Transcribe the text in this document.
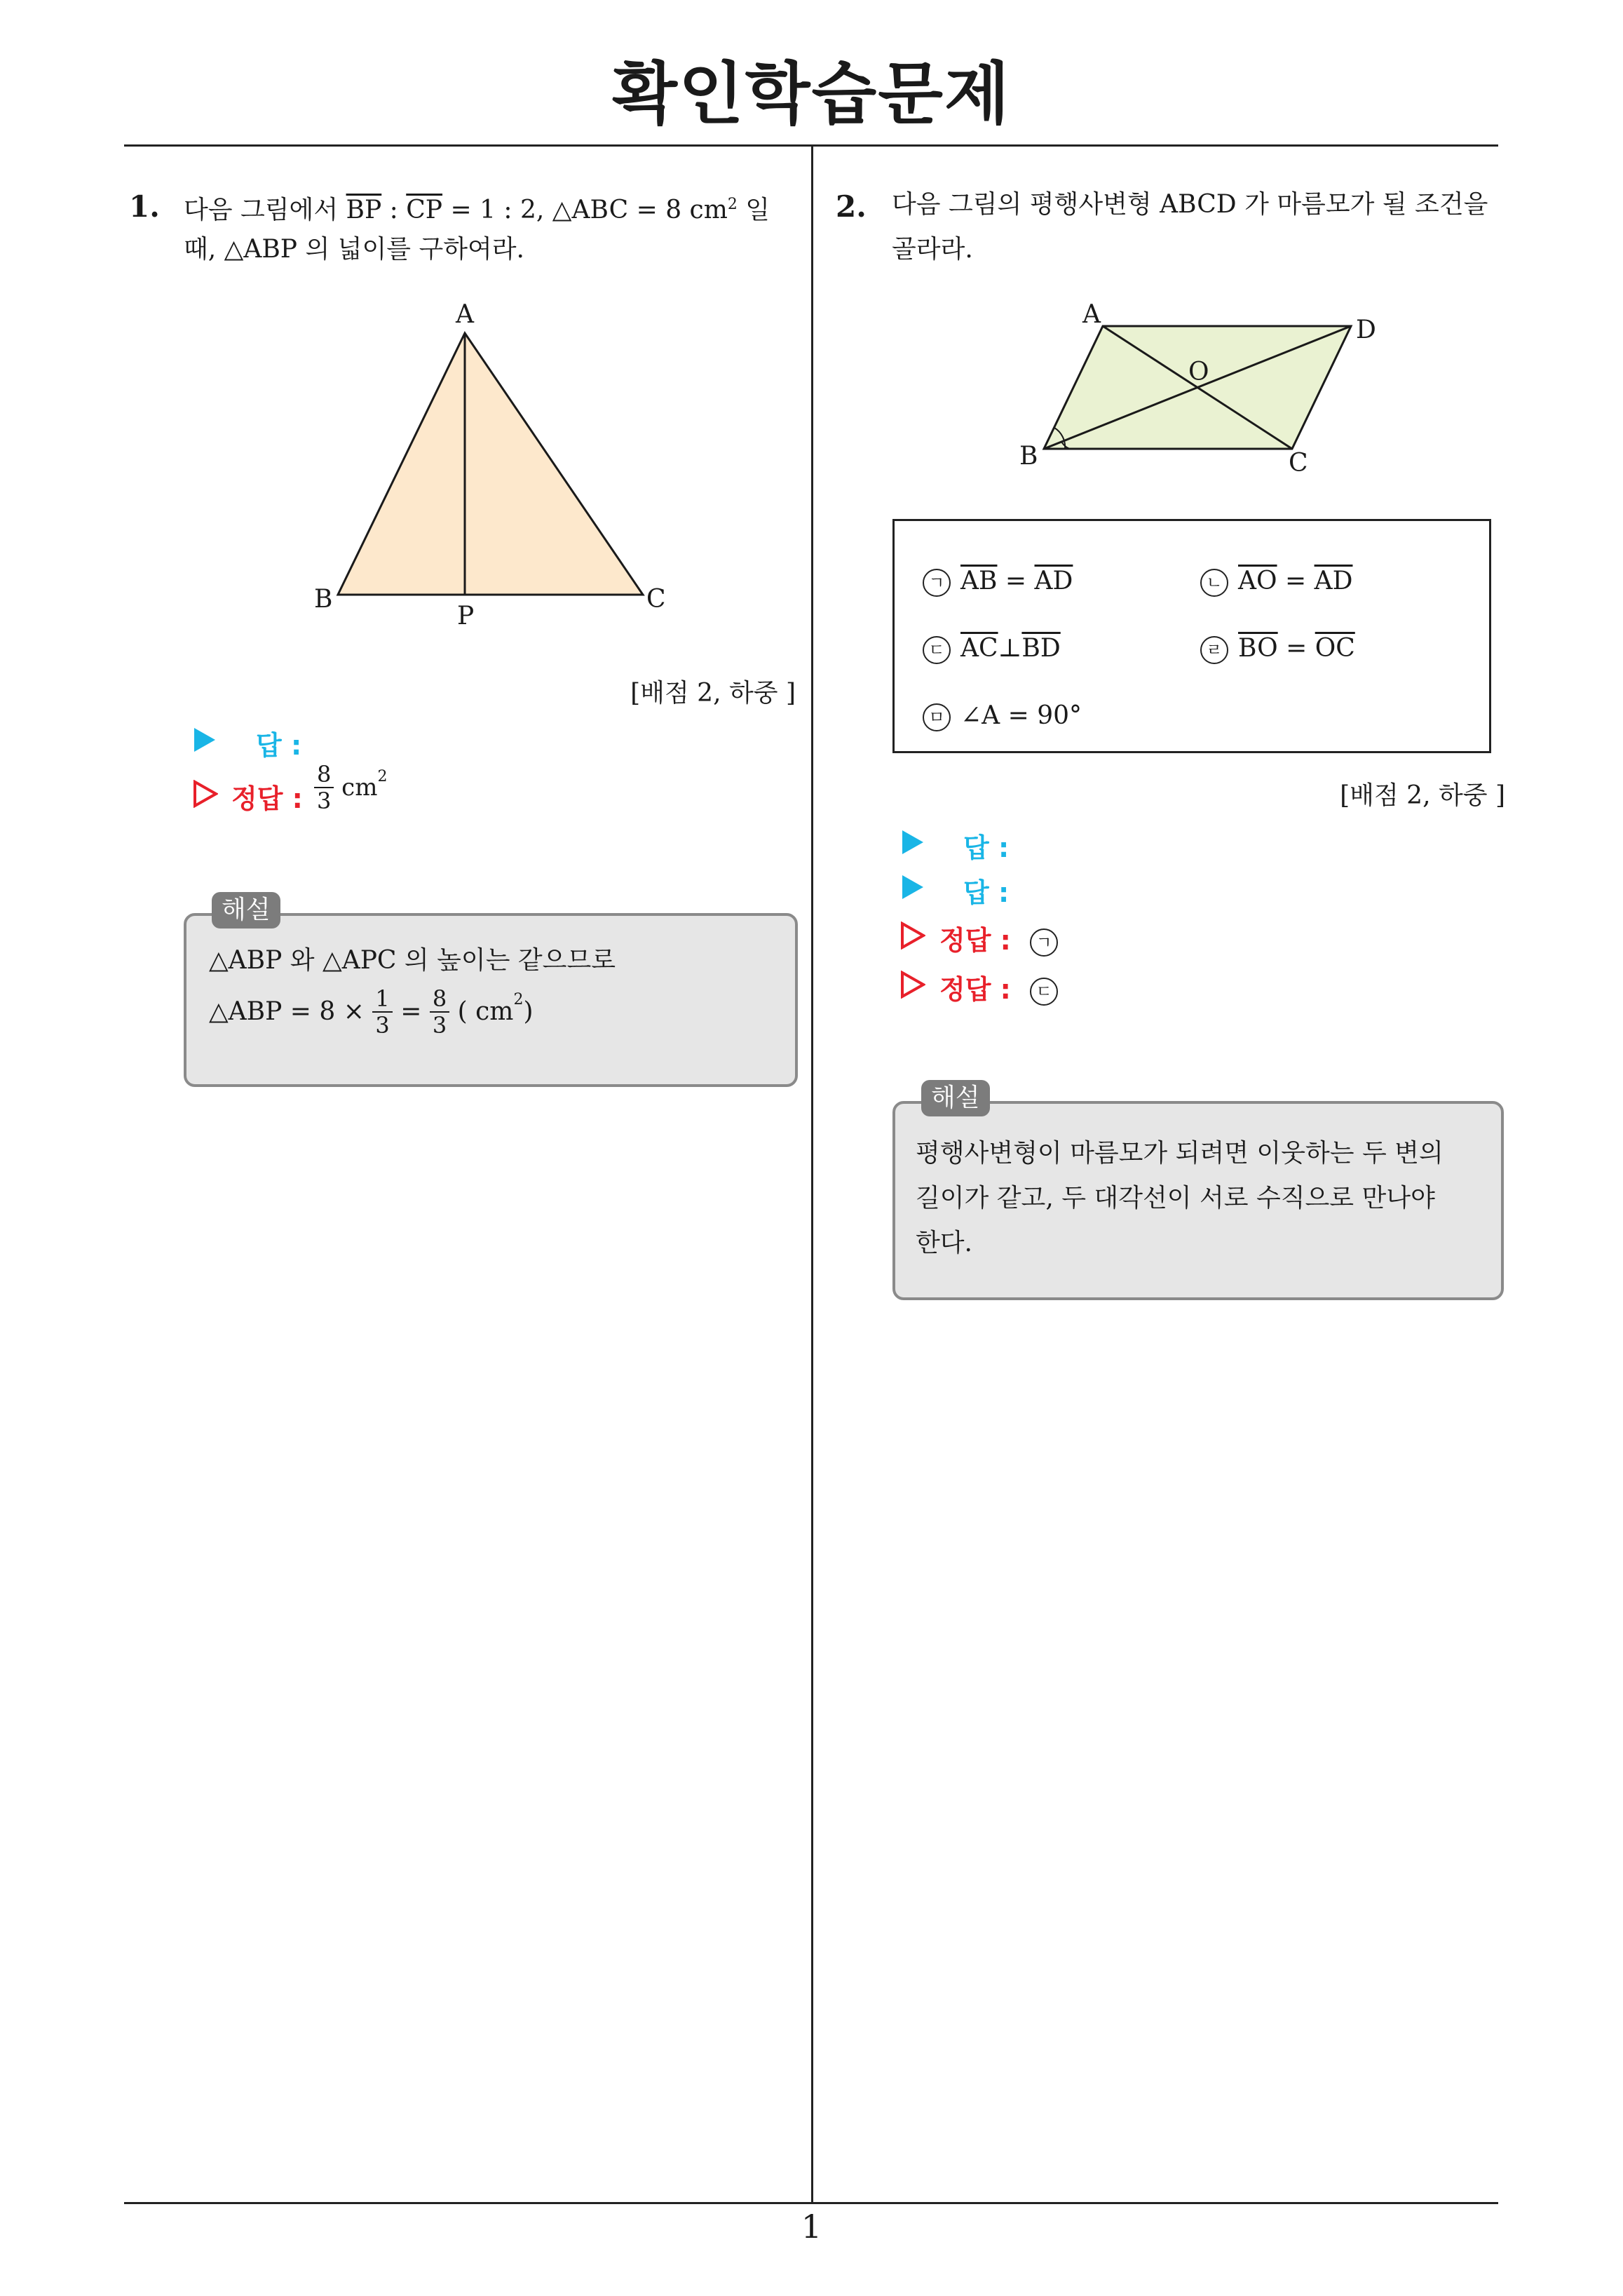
확인학습문제
1
1. 다음 그림에서 $\overline{BP}$ : $\overline{CP} = 1$ : 2, △ABC = 8 $cm^2$ 일
때, △ABP 의 넓이를 구하여라.
A
B	C
P
[배점 2, 하중 ]
답 :
정답 : $\frac{8}{3} cm^2$
해설
△ABP 와 △APC 의 높이는 같으므로
△ABP = $8 \times \frac{1}{3} = \frac{8}{3}$ ( $cm^2$)
2. 다음 그림의 평행사변형 ABCD 가 마름모가 될 조건을
골라라.
A
D
O
B	C
ㄱ $\overline{AB} = \overline{AD}$	ㄴ $\overline{AO} = \overline{AD}$
ㄷ $\overline{AC}\perp\overline{BD}$	ㄹ $\overline{BO} = \overline{OC}$
ㅁ ∠A = 90°
[배점 2, 하중 ]
답 :
답 :
정답 : ㄱ
정답 : ㄷ
해설
평행사변형이 마름모가 되려면 이웃하는 두 변의
길이가 같고, 두 대각선이 서로 수직으로 만나야
한다.
